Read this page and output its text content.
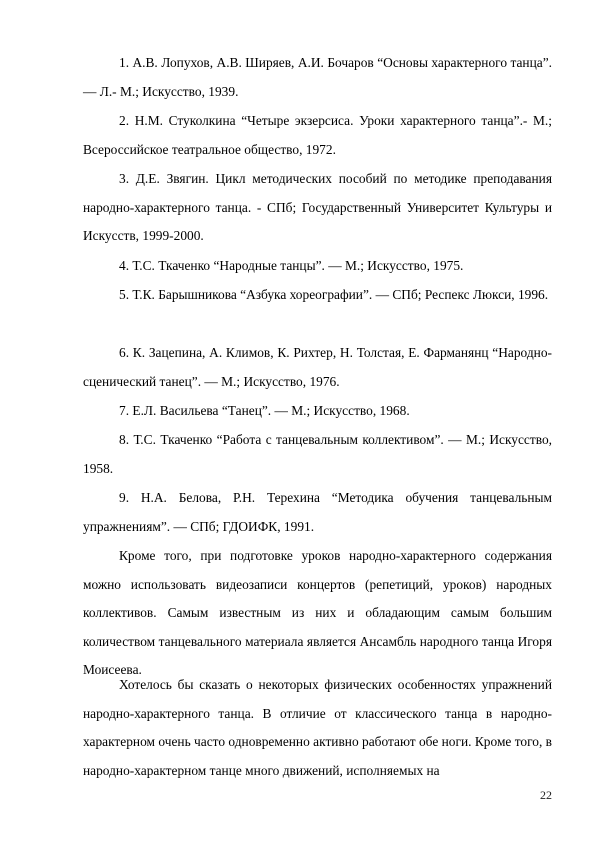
1. А.В. Лопухов, А.В. Ширяев, А.И. Бочаров “Основы характерного танца”. — Л.- М.; Искусство, 1939.

2. Н.М. Стуколкина “Четыре экзерсиса. Уроки характерного танца”.- М.; Всероссийское театральное общество, 1972.

3. Д.Е. Звягин. Цикл методических пособий по методике преподавания народно-характерного танца. - СПб; Государственный Университет Культуры и Искусств, 1999-2000.

4. Т.С. Ткаченко “Народные танцы”. — М.; Искусство, 1975.

5. Т.К. Барышникова “Азбука хореографии”. — СПб; Респекс Люкси, 1996.

6. К. Зацепина, А. Климов, К. Рихтер, Н. Толстая, Е. Фарманянц “Народно-сценический танец”. — М.; Искусство, 1976.

7. Е.Л. Васильева “Танец”. — М.; Искусство, 1968.

8. Т.С. Ткаченко “Работа с танцевальным коллективом”. — М.; Искусство, 1958.

9. Н.А. Белова, Р.Н. Терехина “Методика обучения танцевальным упражнениям”. — СПб; ГДОИФК, 1991.

Кроме того, при подготовке уроков народно-характерного содержания можно использовать видеозаписи концертов (репетиций, уроков) народных коллективов. Самым известным из них и обладающим самым большим количеством танцевального материала является Ансамбль народного танца Игоря Моисеева.

Хотелось бы сказать о некоторых физических особенностях упражнений народно-характерного танца. В отличие от классического танца в народно-характерном очень часто одновременно активно работают обе ноги. Кроме того, в народно-характерном танце много движений, исполняемых на

22
